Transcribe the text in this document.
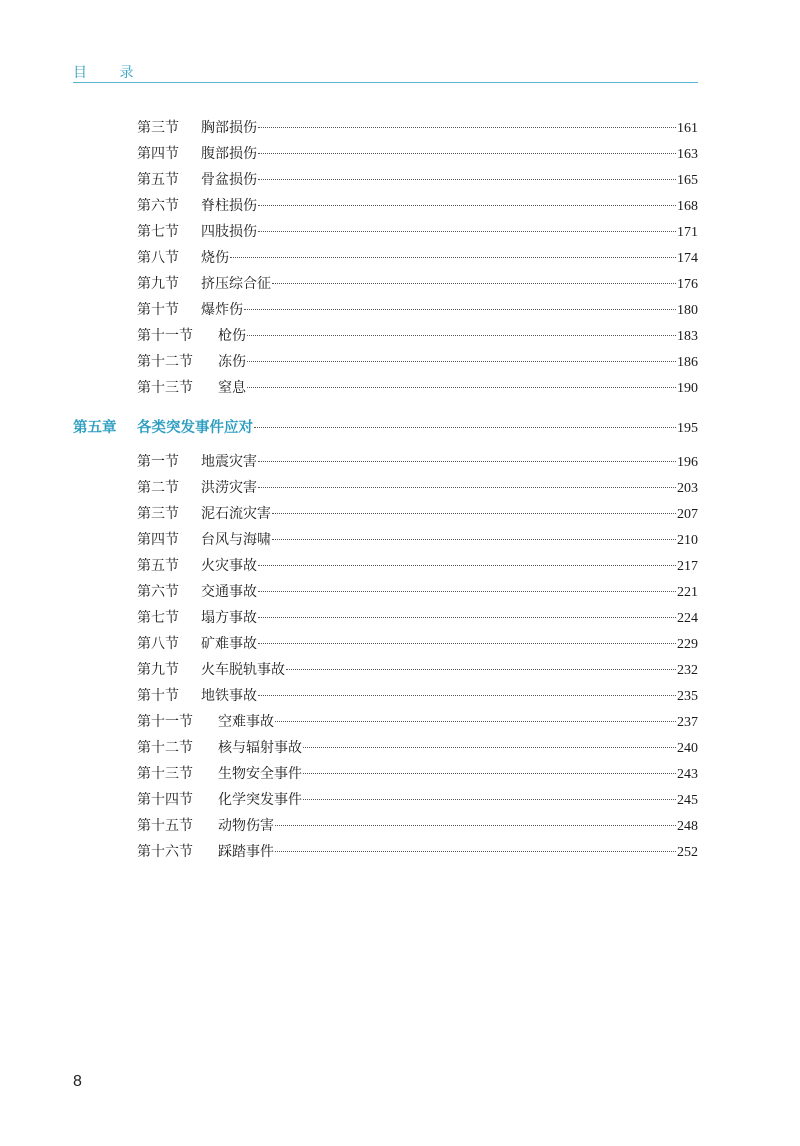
目 录
第三节	胸部损伤	161
第四节	腹部损伤	163
第五节	骨盆损伤	165
第六节	脊柱损伤	168
第七节	四肢损伤	171
第八节	烧伤	174
第九节	挤压综合征	176
第十节	爆炸伤	180
第十一节	枪伤	183
第十二节	冻伤	186
第十三节	窒息	190
第五章	各类突发事件应对	195
第一节	地震灾害	196
第二节	洪涝灾害	203
第三节	泥石流灾害	207
第四节	台风与海啸	210
第五节	火灾事故	217
第六节	交通事故	221
第七节	塌方事故	224
第八节	矿难事故	229
第九节	火车脱轨事故	232
第十节	地铁事故	235
第十一节	空难事故	237
第十二节	核与辐射事故	240
第十三节	生物安全事件	243
第十四节	化学突发事件	245
第十五节	动物伤害	248
第十六节	踩踏事件	252
8
